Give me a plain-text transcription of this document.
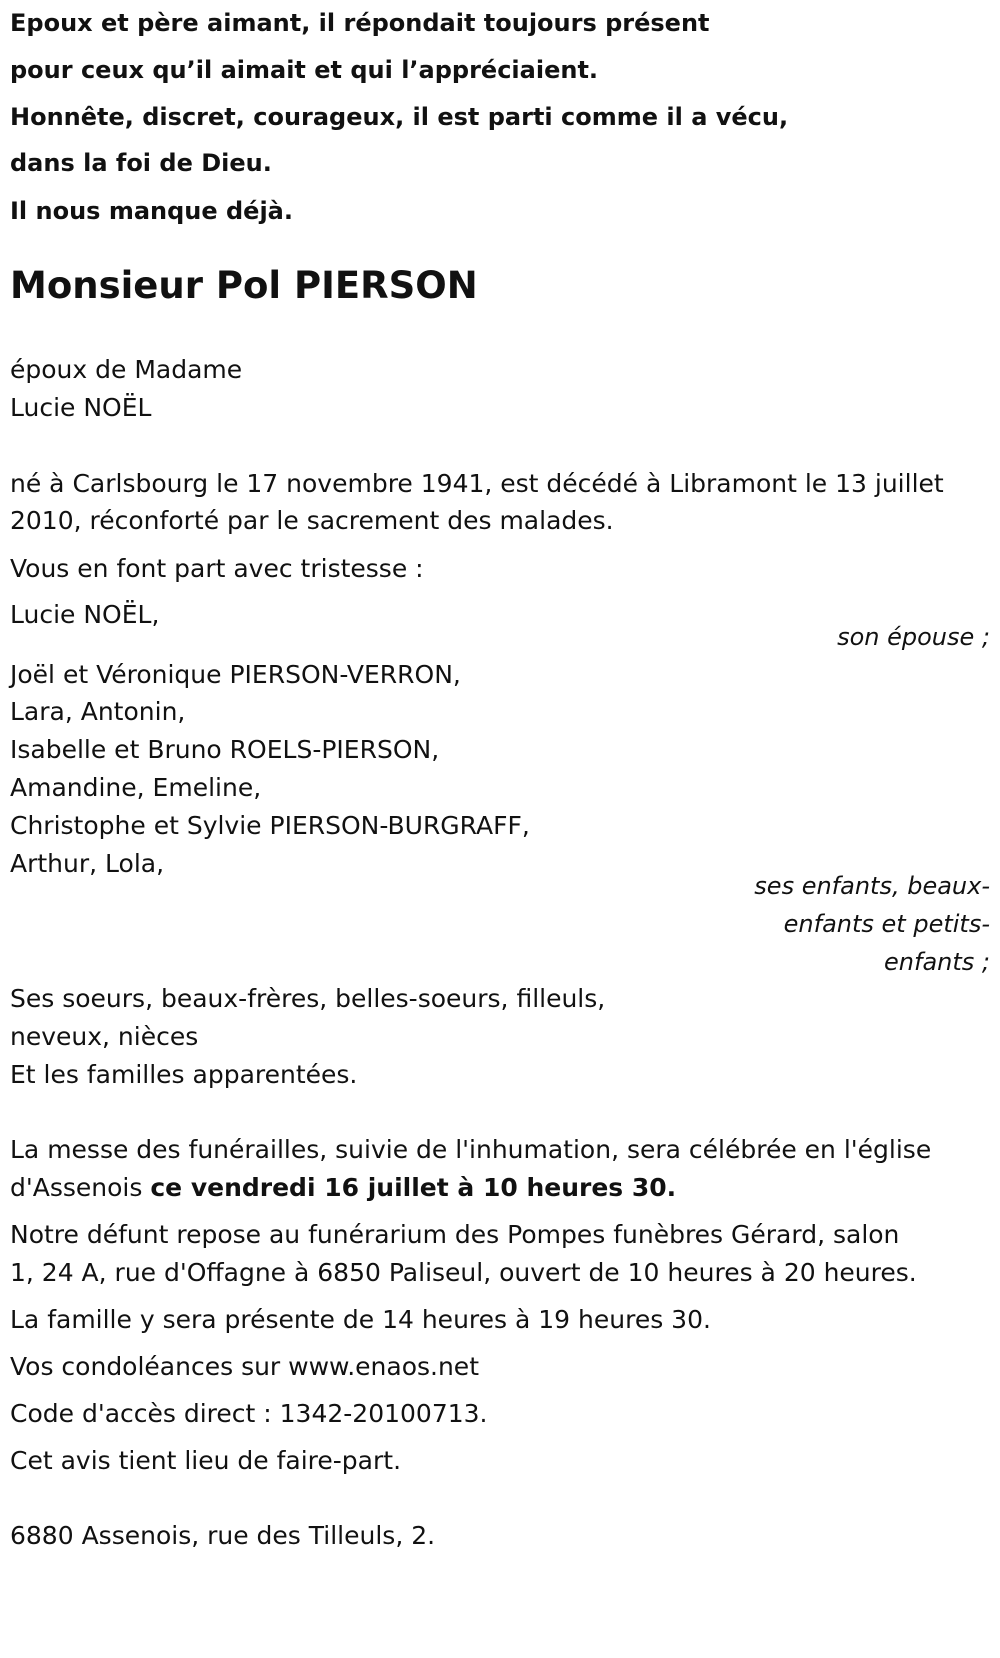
Epoux et père aimant, il répondait toujours présent
pour ceux qu’il aimait et qui l’appréciaient.
Honnête, discret, courageux, il est parti comme il a vécu,
dans la foi de Dieu.
Il nous manque déjà.
Monsieur Pol PIERSON
époux de Madame
Lucie NOËL
né à Carlsbourg le 17 novembre 1941, est décédé à Libramont le 13 juillet
2010, réconforté par le sacrement des malades.
Vous en font part avec tristesse :
Lucie NOËL,
son épouse ;
Joël et Véronique PIERSON-VERRON,
Lara, Antonin,
Isabelle et Bruno ROELS-PIERSON,
Amandine, Emeline,
Christophe et Sylvie PIERSON-BURGRAFF,
Arthur, Lola,
ses enfants, beaux-
enfants et petits-
enfants ;
Ses soeurs, beaux-frères, belles-soeurs, filleuls,
neveux, nièces
Et les familles apparentées.
La messe des funérailles, suivie de l'inhumation, sera célébrée en l'église
d'Assenois ce vendredi 16 juillet à 10 heures 30.
Notre défunt repose au funérarium des Pompes funèbres Gérard, salon
1, 24 A, rue d'Offagne à 6850 Paliseul, ouvert de 10 heures à 20 heures.
La famille y sera présente de 14 heures à 19 heures 30.
Vos condoléances sur www.enaos.net
Code d'accès direct : 1342-20100713.
Cet avis tient lieu de faire-part.
6880 Assenois, rue des Tilleuls, 2.
